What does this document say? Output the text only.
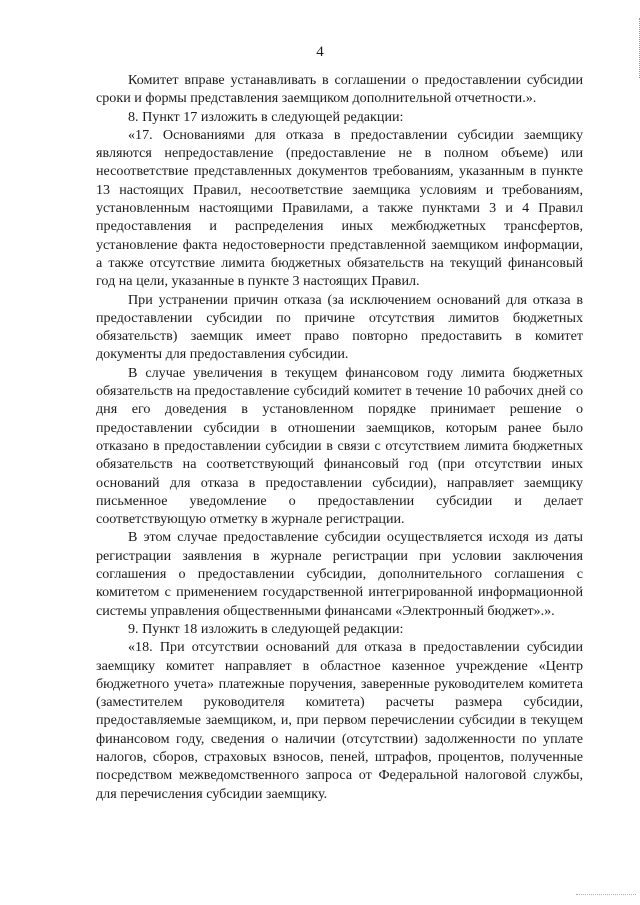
4

Комитет вправе устанавливать в соглашении о предоставлении субсидии сроки и формы представления заемщиком дополнительной отчетности.».

8. Пункт 17 изложить в следующей редакции:

«17. Основаниями для отказа в предоставлении субсидии заемщику являются непредоставление (предоставление не в полном объеме) или несоответствие представленных документов требованиям, указанным в пункте 13 настоящих Правил, несоответствие заемщика условиям и требованиям, установленным настоящими Правилами, а также пунктами 3 и 4 Правил предоставления и распределения иных межбюджетных трансфертов, установление факта недостоверности представленной заемщиком информации, а также отсутствие лимита бюджетных обязательств на текущий финансовый год на цели, указанные в пункте 3 настоящих Правил.

При устранении причин отказа (за исключением оснований для отказа в предоставлении субсидии по причине отсутствия лимитов бюджетных обязательств) заемщик имеет право повторно предоставить в комитет документы для предоставления субсидии.

В случае увеличения в текущем финансовом году лимита бюджетных обязательств на предоставление субсидий комитет в течение 10 рабочих дней со дня его доведения в установленном порядке принимает решение о предоставлении субсидии в отношении заемщиков, которым ранее было отказано в предоставлении субсидии в связи с отсутствием лимита бюджетных обязательств на соответствующий финансовый год (при отсутствии иных оснований для отказа в предоставлении субсидии), направляет заемщику письменное уведомление о предоставлении субсидии и делает соответствующую отметку в журнале регистрации.

В этом случае предоставление субсидии осуществляется исходя из даты регистрации заявления в журнале регистрации при условии заключения соглашения о предоставлении субсидии, дополнительного соглашения с комитетом с применением государственной интегрированной информационной системы управления общественными финансами «Электронный бюджет».».

9. Пункт 18 изложить в следующей редакции:

«18. При отсутствии оснований для отказа в предоставлении субсидии заемщику комитет направляет в областное казенное учреждение «Центр бюджетного учета» платежные поручения, заверенные руководителем комитета (заместителем руководителя комитета) расчеты размера субсидии, предоставляемые заемщиком, и, при первом перечислении субсидии в текущем финансовом году, сведения о наличии (отсутствии) задолженности по уплате налогов, сборов, страховых взносов, пеней, штрафов, процентов, полученные посредством межведомственного запроса от Федеральной налоговой службы, для перечисления субсидии заемщику.
